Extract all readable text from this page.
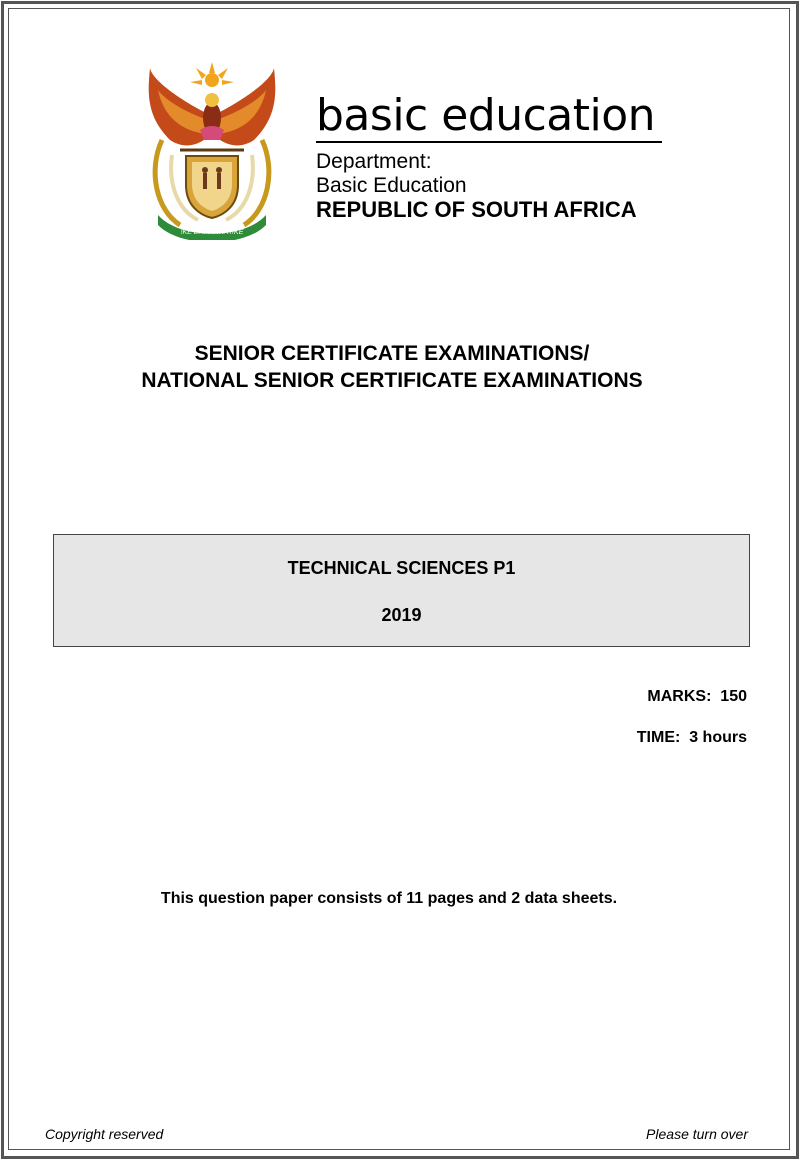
!KE E: /XARRA //KE
basic education
Department:
Basic Education
REPUBLIC OF SOUTH AFRICA
SENIOR CERTIFICATE EXAMINATIONS/
NATIONAL SENIOR CERTIFICATE EXAMINATIONS
TECHNICAL SCIENCES P1
2019
MARKS:  150
TIME:  3 hours
This question paper consists of 11 pages and 2 data sheets.
Copyright reserved	Please turn over
